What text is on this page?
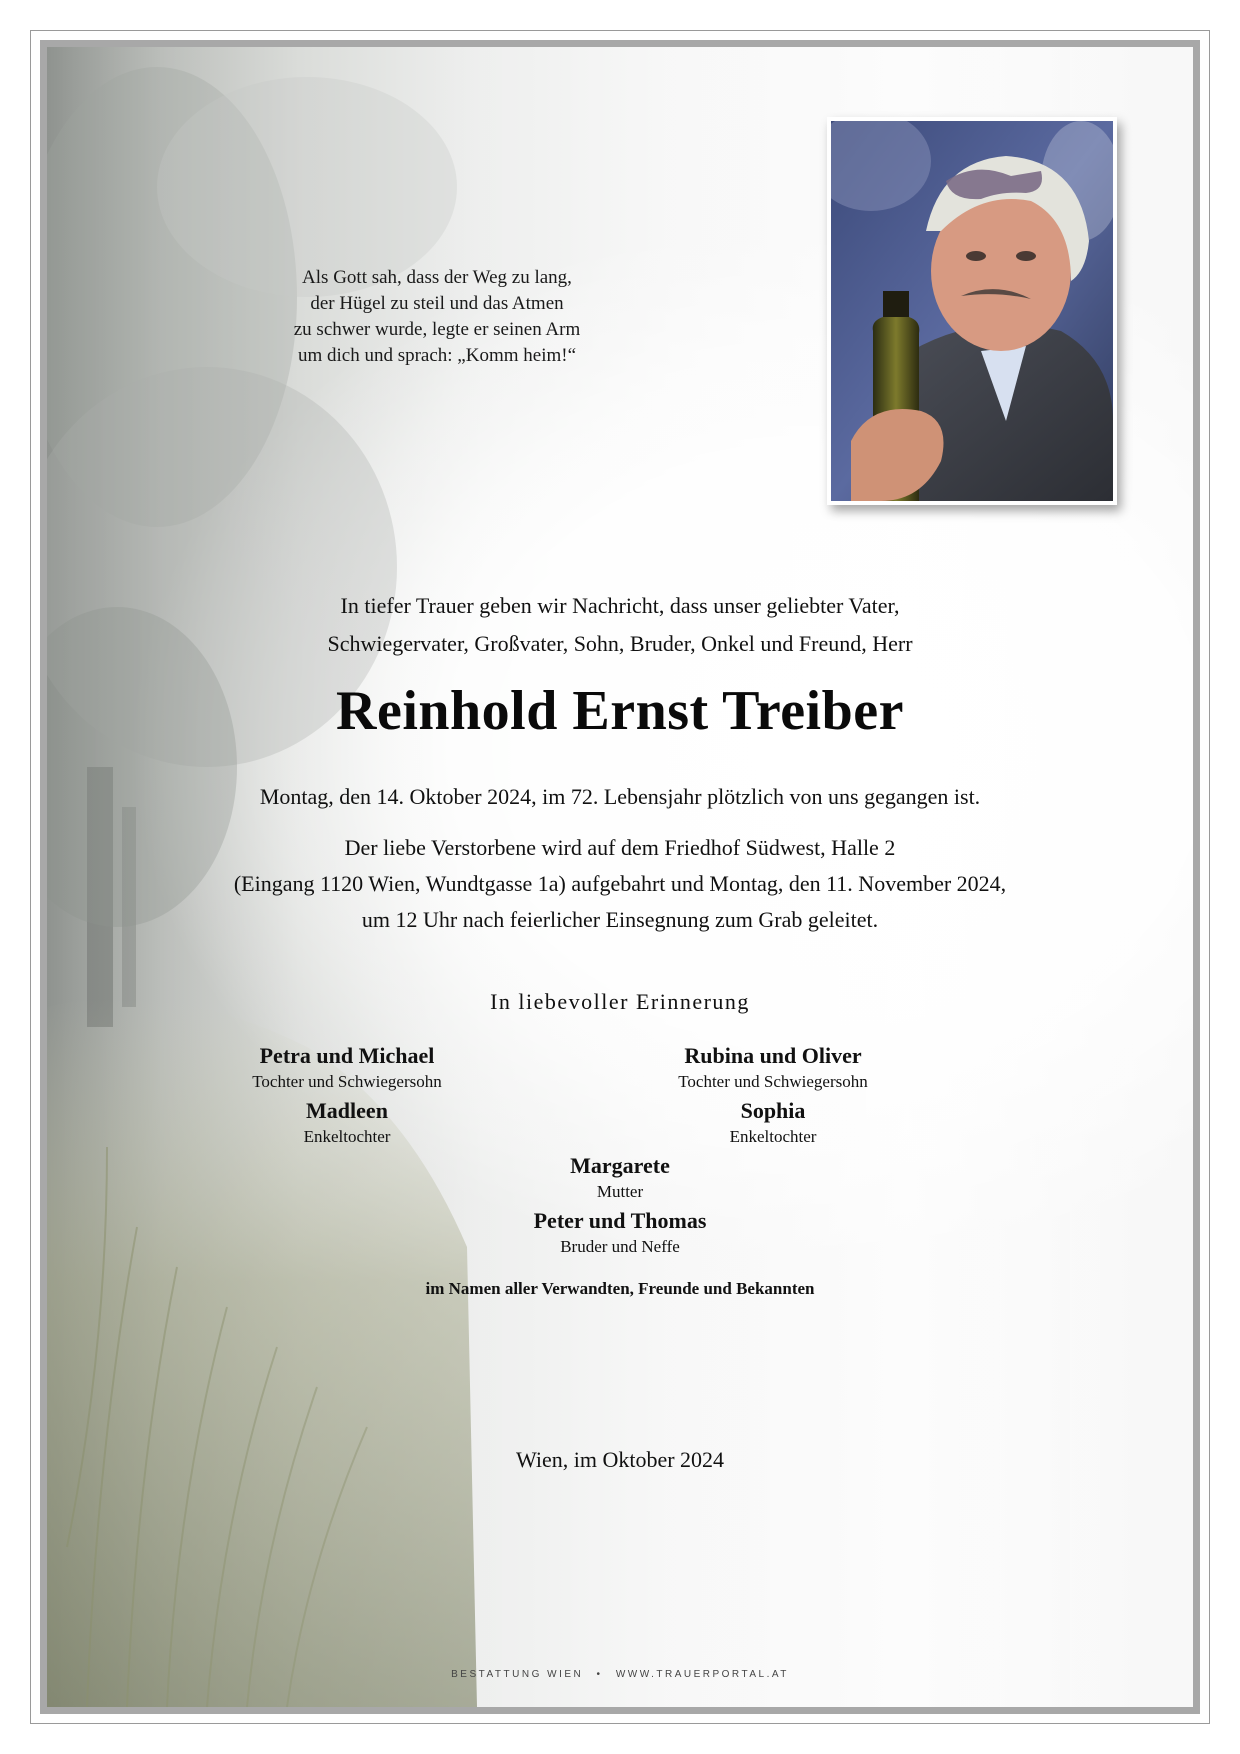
Als Gott sah, dass der Weg zu lang,
der Hügel zu steil und das Atmen
zu schwer wurde, legte er seinen Arm
um dich und sprach: „Komm heim!“
In tiefer Trauer geben wir Nachricht, dass unser geliebter Vater,
Schwiegervater, Großvater, Sohn, Bruder, Onkel und Freund, Herr
Reinhold Ernst Treiber
Montag, den 14. Oktober 2024, im 72. Lebensjahr plötzlich von uns gegangen ist.
Der liebe Verstorbene wird auf dem Friedhof Südwest, Halle 2
(Eingang 1120 Wien, Wundtgasse 1a) aufgebahrt und Montag, den 11. November 2024,
um 12 Uhr nach feierlicher Einsegnung zum Grab geleitet.
In liebevoller Erinnerung
Petra und Michael
Tochter und Schwiegersohn
Madleen
Enkeltochter
Rubina und Oliver
Tochter und Schwiegersohn
Sophia
Enkeltochter
Margarete
Mutter
Peter und Thomas
Bruder und Neffe
im Namen aller Verwandten, Freunde und Bekannten
Wien, im Oktober 2024
BESTATTUNG WIEN • WWW.TRAUERPORTAL.AT
